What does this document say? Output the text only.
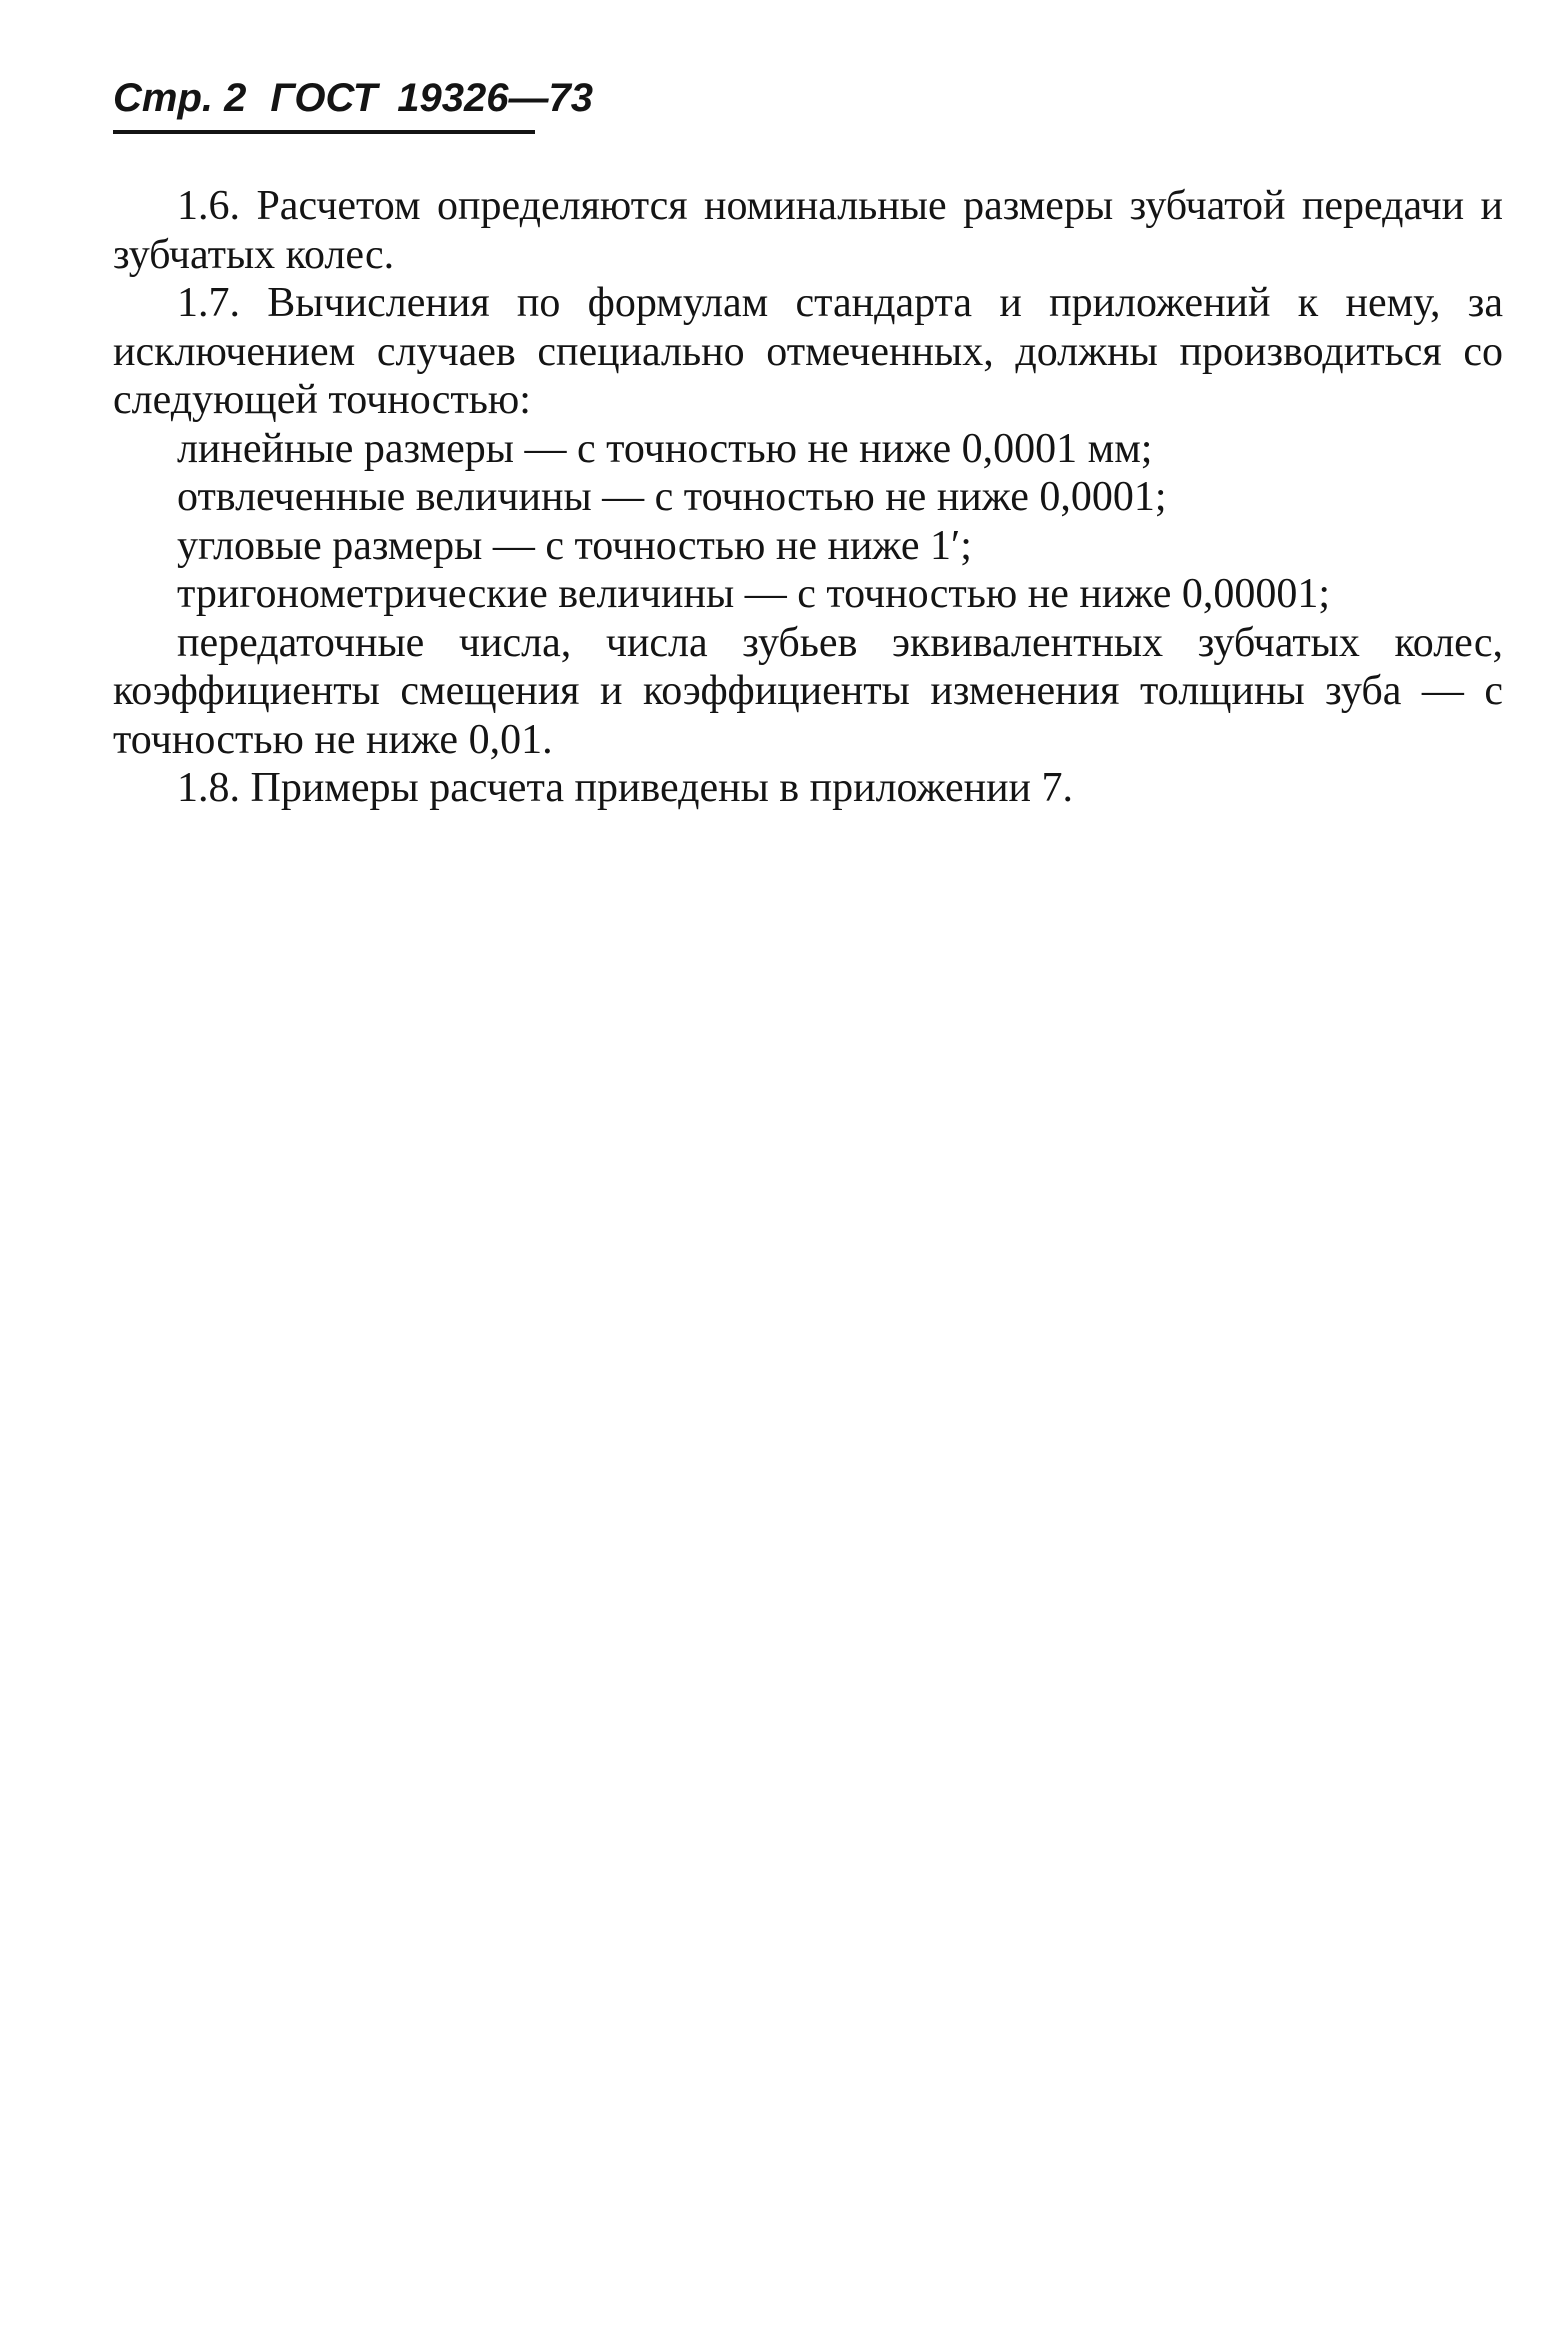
Стр. 2 ГОСТ 19326—73

1.6. Расчетом определяются номинальные размеры зубчатой передачи и зубчатых колес.

1.7. Вычисления по формулам стандарта и приложений к нему, за исключением случаев специально отмеченных, должны производиться со следующей точностью:

линейные размеры — с точностью не ниже 0,0001 мм;

отвлеченные величины — с точностью не ниже 0,0001;

угловые размеры — с точностью не ниже 1′;

тригонометрические величины — с точностью не ниже 0,00001;

передаточные числа, числа зубьев эквивалентных зубчатых колес, коэффициенты смещения и коэффициенты изменения толщины зуба — с точностью не ниже 0,01.

1.8. Примеры расчета приведены в приложении 7.
